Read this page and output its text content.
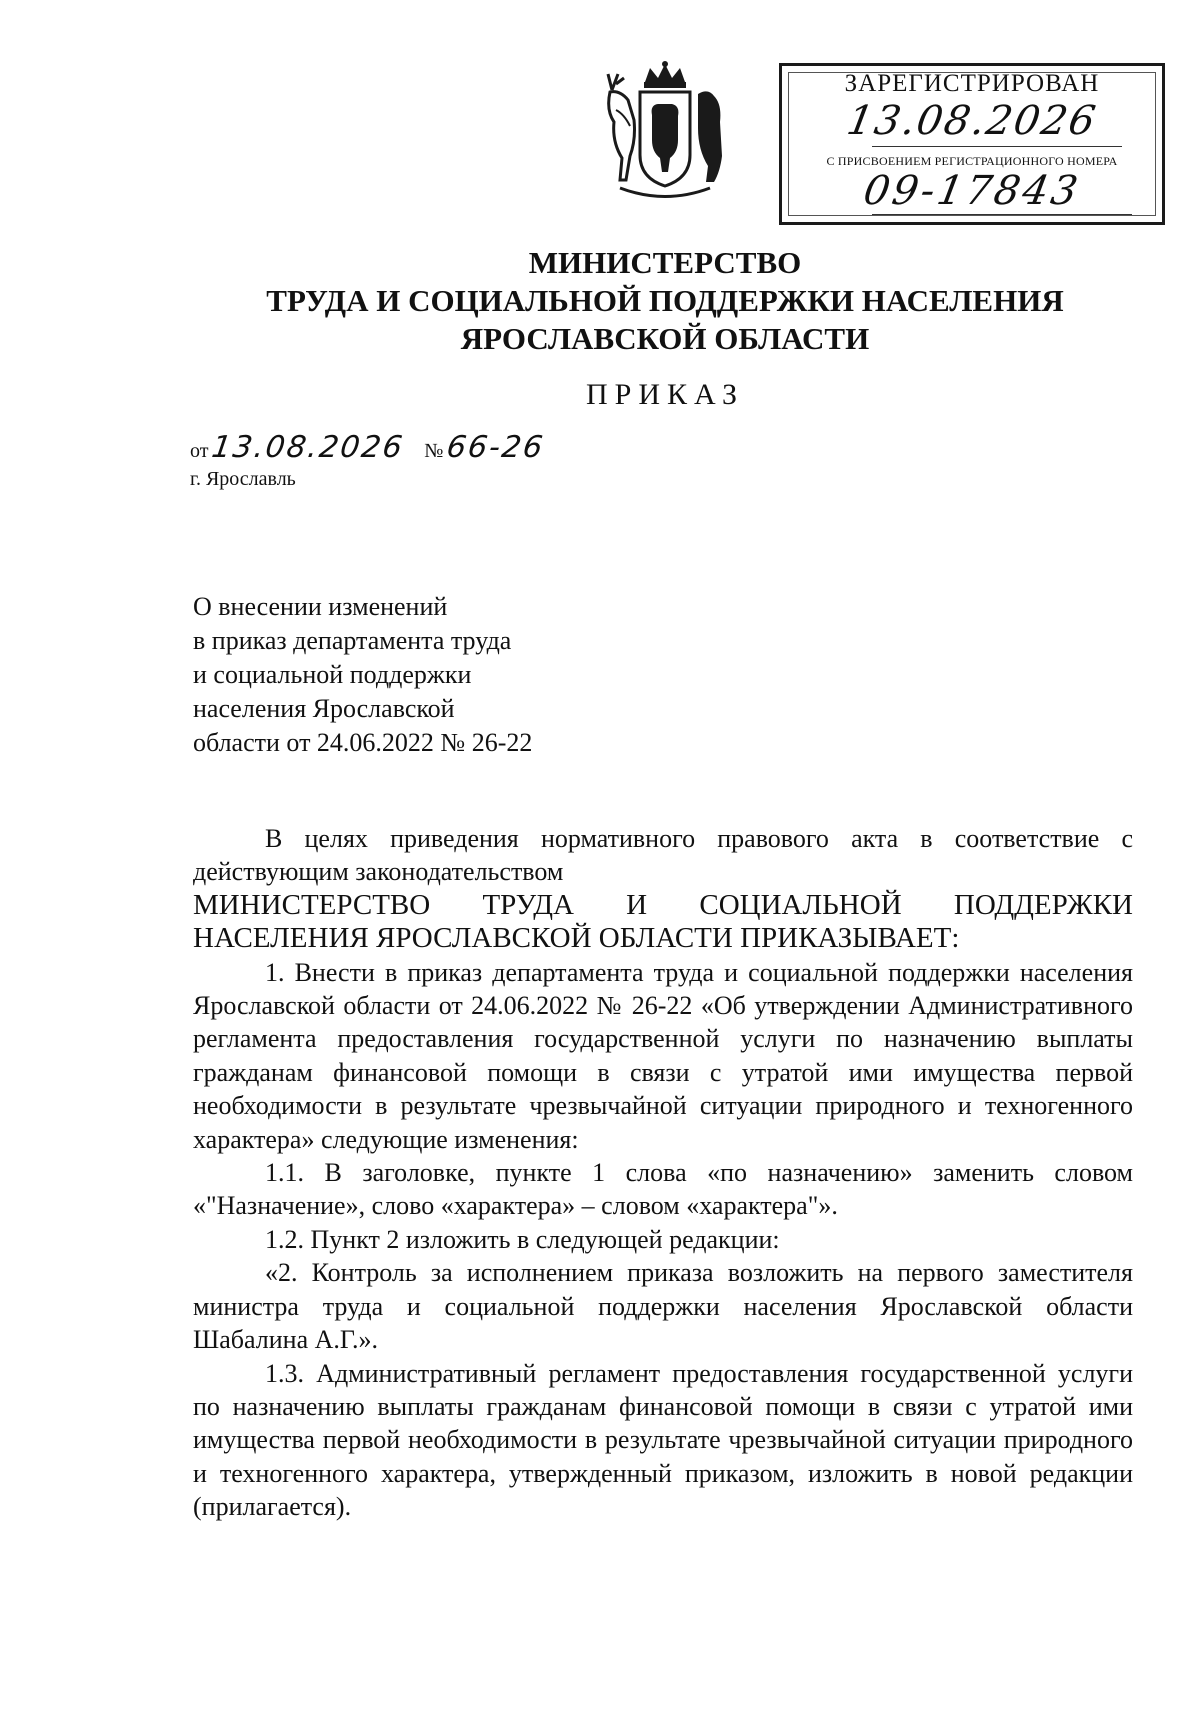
ЗАРЕГИСТРИРОВАН
13.08.2026
С ПРИСВОЕНИЕМ РЕГИСТРАЦИОННОГО НОМЕРА
09-17843
МИНИСТЕРСТВО
ТРУДА И СОЦИАЛЬНОЙ ПОДДЕРЖКИ НАСЕЛЕНИЯ
ЯРОСЛАВСКОЙ ОБЛАСТИ
ПРИКАЗ
от 13.08.2026 № 66-26
г. Ярославль
О внесении изменений
в приказ департамента труда
и социальной поддержки
населения Ярославской
области от 24.06.2022 № 26-22

В целях приведения нормативного правового акта в соответствие с действующим законодательством

МИНИСТЕРСТВО ТРУДА И СОЦИАЛЬНОЙ ПОДДЕРЖКИ НАСЕЛЕНИЯ ЯРОСЛАВСКОЙ ОБЛАСТИ ПРИКАЗЫВАЕТ:

1. Внести в приказ департамента труда и социальной поддержки населения Ярославской области от 24.06.2022 № 26-22 «Об утверждении Административного регламента предоставления государственной услуги по назначению выплаты гражданам финансовой помощи в связи с утратой ими имущества первой необходимости в результате чрезвычайной ситуации природного и техногенного характера» следующие изменения:

1.1. В заголовке, пункте 1 слова «по назначению» заменить словом «"Назначение», слово «характера» – словом «характера"».

1.2. Пункт 2 изложить в следующей редакции:

«2. Контроль за исполнением приказа возложить на первого заместителя министра труда и социальной поддержки населения Ярославской области Шабалина А.Г.».

1.3. Административный регламент предоставления государственной услуги по назначению выплаты гражданам финансовой помощи в связи с утратой ими имущества первой необходимости в результате чрезвычайной ситуации природного и техногенного характера, утвержденный приказом, изложить в новой редакции (прилагается).
